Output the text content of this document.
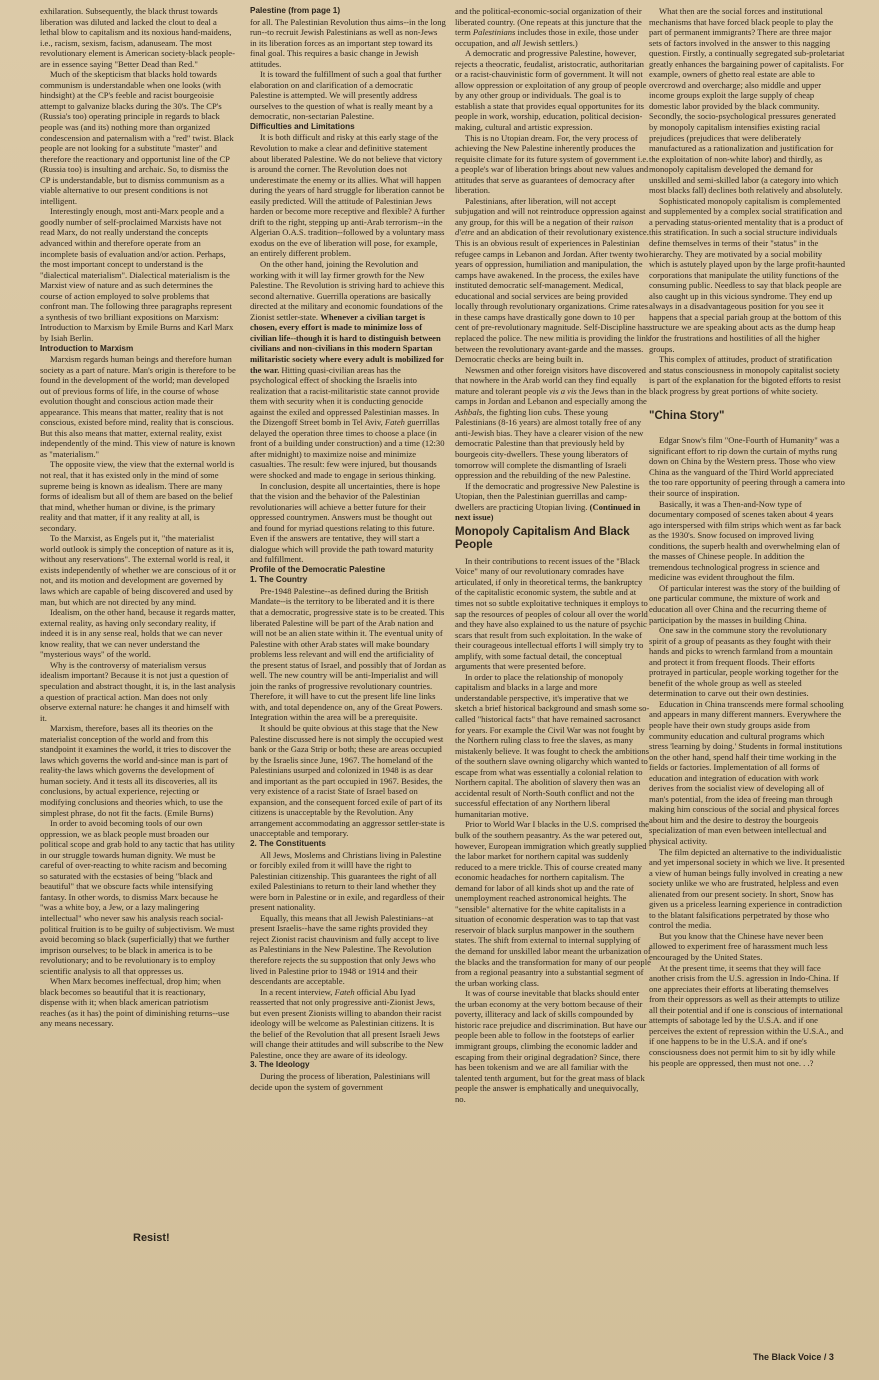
exhilaration. Subsequently, the black thrust towards liberation was diluted and lacked the clout to deal a lethal blow to capitalism and its noxious hand-maidens, i.e., racism, sexism, facism, adanuseam. The most revolutionary element is American society-black people-are in essence saying "Better Dead than Red."

Much of the skepticism that blacks hold towards communism is understandable when one looks (with hindsight) at the CP's feeble and racist bourgeoisie attempt to galvanize blacks during the 30's. The CP's (Russia's too) operating principle in regards to black people was (and its) nothing more than organized condescension and paternalism with a "red" twist. Black people are not looking for a substitute "master" and therefore the reactionary and opportunist line of the CP (Russia too) is insulting and archaic. So, to dismiss the CP is understandable, but to dismiss communism as a viable alternative to our present conditions is not intelligent.

Interestingly enough, most anti-Marx people and a goodly number of self-proclaimed Marxists have not read Marx, do not really understand the concepts advanced within and therefore operate from an incomplete basis of evaluation and/or action. Perhaps, the most important concept to understand is the "dialectical materialism". Dialectical materialism is the Marxist view of nature and as such determines the course of action employed to solve problems that confront man. The following three paragraphs represent a synthesis of two brilliant expositions on Marxism: Introduction to Marxism by Emile Burns and Karl Marx by Isiah Berlin.

Introduction to Marxism

Marxism regards human beings and therefore human society as a part of nature. Man's origin is therefore to be found in the development of the world; man developed out of previous forms of life, in the course of whose evolution thought and conscious action made their appearance. This means that matter, reality that is not conscious, existed before mind, reality that is conscious. But this also means that matter, external reality, exist independently of the mind. This view of nature is known as "materialism."

The opposite view, the view that the external world is not real, that it has existed only in the mind of some supreme being is known as idealism. There are many forms of idealism but all of them are based on the belief that mind, whether human or divine, is the primary reality and that matter, if it any reality at all, is secondary.

To the Marxist, as Engels put it, "the materialist world outlook is simply the conception of nature as it is, without any reservations". The external world is real, it exists independently of whether we are conscious of it or not, and its motion and development are governed by laws which are capable of being discovered and used by man, but which are not directed by any mind.

Idealism, on the other hand, because it regards matter, external reality, as having only secondary reality, if indeed it is in any sense real, holds that we can never know reality, that we can never understand the "mysterious ways" of the world.

Why is the controversy of materialism versus idealism important? Because it is not just a question of speculation and abstract thought, it is, in the last analysis a question of practical action. Man does not only observe external nature: he changes it and himself with it.

Marxism, therefore, bases all its theories on the materialist conception of the world and from this standpoint it examines the world, it tries to discover the laws which governs the world and-since man is part of reality-the laws which governs the development of human society. And it tests all its discoveries, all its conclusions, by actual experience, rejecting or modifying conclusions and theories which, to use the simplest phrase, do not fit the facts. (Emile Burns)

In order to avoid becoming tools of our own oppression, we as black people must broaden our political scope and grab hold to any tactic that has utility in our struggle towards human dignity. We must be careful of over-reacting to white racism and becoming so saturated with the ecstasies of being "black and beautiful" that we obscure facts while intensifying fantasy. In other words, to dismiss Marx because he "was a white boy, a Jew, or a lazy malingering intellectual" who never saw his analysis reach social-political fruition is to be guilty of subjectivism. We must avoid becoming so black (superficially) that we further imprison ourselves; to be black in america is to be revolutionary; and to be revolutionary is to employ scientific analysis to all that oppresses us.

When Marx becomes ineffectual, drop him; when black becomes so beautiful that it is reactionary, dispense with it; when black american patriotism reaches (as it has) the point of diminishing returns--use any means necessary.

Resist!
Palestine (from page 1)

for all. The Palestinian Revolution thus aims--in the long run--to recruit Jewish Palestinians as well as non-Jews in its liberation forces as an important step toward its final goal. This requires a basic change in Jewish attitudes.

It is toward the fulfillment of such a goal that further elaboration on and clarification of a democratic Palestine is attempted. We will presently address ourselves to the question of what is really meant by a democratic, non-sectarian Palestine.

Difficulties and Limitations

It is both difficult and risky at this early stage of the Revolution to make a clear and definitive statement about liberated Palestine. We do not believe that victory is around the corner. The Revolution does not underestimate the enemy or its allies. What will happen during the years of hard struggle for liberation cannot be easily predicted. Will the attitude of Palestinian Jews harden or become more receptive and flexible? A further drift to the right, stepping up anti-Arab terrorism--in the Algerian O.A.S. tradition--followed by a voluntary mass exodus on the eve of liberation will pose, for example, an entirely different problem.

On the other hand, joining the Revolution and working with it will lay firmer growth for the New Palestine. The Revolution is striving hard to achieve this second alternative. Guerrilla operations are basically directed at the military and economic foundations of the Zionist settler-state. Whenever a civilian target is chosen, every effort is made to minimize loss of civilian life--though it is hard to distinguish between civilians and non-civilians in this modern Spartan militaristic society where every adult is mobilized for the war. Hitting quasi-civilian areas has the psychological effect of shocking the Israelis into realization that a racist-militaristic state cannot provide them with security when it is conducting genocide against the exiled and oppressed Palestinian masses. In the Dizengoff Street bomb in Tel Aviv, Fateh guerrillas delayed the operation three times to choose a place (in front of a building under construction) and a time (12:30 after midnight) to maximize noise and minimize casualties. The result: few were injured, but thousands were shocked and made to engage in serious thinking.

In conclusion, despite all uncertainties, there is hope that the vision and the behavior of the Palestinian revolutionaries will achieve a better future for their oppressed countrymen. Answers must be thought out and found for myriad questions relating to this future. Even if the answers are tentative, they will start a dialogue which will provide the path toward maturity and fulfillment.

Profile of the Democratic Palestine
1. The Country

Pre-1948 Palestine--as defined during the British Mandate--is the territory to be liberated and it is there that a democratic, progressive state is to be created. This liberated Palestine will be part of the Arab nation and will not be an alien state within it. The eventual unity of Palestine with other Arab states will make boundary problems less relevant and will end the artificiality of the present status of Israel, and possibly that of Jordan as well. The new country will be anti-Imperialist and will join the ranks of progressive revolutionary countries. Therefore, it will have to cut the present life line links with, and total dependence on, any of the Great Powers. Integration within the area will be a prerequisite.

It should be quite obvious at this stage that the New Palestine discussed here is not simply the occupied west bank or the Gaza Strip or both; these are areas occupied by the Israelis since June, 1967. The homeland of the Palestinians usurped and colonized in 1948 is as dear and important as the part occupied in 1967. Besides, the very existence of a racist State of Israel based on expansion, and the consequent forced exile of part of its citizens is unacceptable by the Revolution. Any arrangement accommodating an aggressor settler-state is unacceptable and temporary.

2. The Constituents

All Jews, Moslems and Christians living in Palestine or forcibly exiled from it willl have the right to Palestinian citizenship. This guarantees the right of all exiled Palestinians to return to their land whether they were born in Palestine or in exile, and regardless of their present nationality.

Equally, this means that all Jewish Palestinians--at present Israelis--have the same rights provided they reject Zionist racist chauvinism and fully accept to live as Palestinians in the New Palestine. The Revolution therefore rejects the su suppostion that only Jews who lived in Palestine prior to 1948 or 1914 and their descendants are acceptable.

In a recent interview, Fateh official Abu Iyad reasserted that not only progressive anti-Zionist Jews, but even present Zionists willing to abandon their racist ideology will be welcome as Palestinian citizens. It is the belief of the Revolution that all present Israeli Jews will change their attitudes and will subscribe to the New Palestine, once they are aware of its ideology.

3. The Ideology

During the process of liberation, Palestinians will decide upon the system of government

and the political-economic-social organization of their liberated country. (One repeats at this juncture that the term Palestinians includes those in exile, those under occupation, and all Jewish settlers.)

A democratic and progressive Palestine, however, rejects a theocratic, feudalist, aristocratic, authoritarian or a racist-chauvinistic form of government. It will not allow oppression or exploitation of any group of people by any other group or individuals. The goal is to establish a state that provides equal opportunites for its people in work, worship, education, political decision-making, cultural and artistic expression.

This is no Utopian dream. For, the very process of achieving the New Palestine inherently produces the requisite climate for its future system of government i.e. a people's war of liberation brings about new values and attitudes that serve as guarantees of democracy after liberation.

Palestinians, after liberation, will not accept subjugation and will not reintroduce oppression against any group, for this will be a negation of their raison d'etre and an abdication of their revolutionary existence. This is an obvious result of experiences in Palestinian refugee camps in Lebanon and Jordan. After twenty two years of oppression, humiliation and manipulation, the camps have awakened. In the process, the exiles have instituted democratic self-management. Medical, educational and social services are being provided locally through revolutionary organizations. Crime rates in these camps have drastically gone down to 10 per cent of pre-revolutionary magnitude. Self-Discipline has replaced the police. The new militia is providing the link between the revolutionary avant-garde and the masses. Democratic checks are being built in.

Newsmen and other foreign visitors have discovered that nowhere in the Arab world can they find equally mature and tolerant people vis a vis the Jews than in the camps in Jordan and Lebanon and especially among the Ashbals, the fighting lion cubs. These young Palestinians (8-16 years) are almost totally free of any anti-Jewish bias. They have a clearer vision of the new democratic Palestine than that previously held by bourgeois city-dwellers. These young liberators of tomorrow will complete the dismantling of Israeli oppression and the rebuilding of the new Palestine.

If the democratic and progressive New Palestine is Utopian, then the Palestinian guerrillas and camp-dwellers are practicing Utopian living. (Continued in next issue)

Monopoly Capitalism And Black People

In their contributions to recent issues of the "Black Voice" many of our revolutionary comrades have articulated, if only in theoretical terms, the bankruptcy of the capitalistic economic system, the subtle and at times not so subtle exploitative techniques it employs to sap the resources of peoples of colour all over the world and they have also explained to us the nature of psychic scars that result from such exploitation. In the wake of their courageous intellectual efforts I will simply try to amplify, with some factual detail, the conceptual arguments that were presented before.

In order to place the relationship of monopoly capitalism and blacks in a large and more understandable perspective, it's imperative that we sketch a brief historical background and smash some so-called "historical facts" that have remained sacrosanct for years. For example the Civil War was not fought by the Northern ruling class to free the slaves, as many mistakenly believe. It was fought to check the ambitions of the southern slave owning oligarchy which wanted to escape from what was essentially a colonial relation to Northern capital. The abolition of slavery then was an accidental result of North-South conflict and not the successful effectation of any Northern liberal humanitarian motive.

Prior to World War I blacks in the U.S. comprised the bulk of the southern peasantry. As the war petered out, however, European immigration which greatly supplied the labor market for northern capital was suddenly reduced to a mere trickle. This of course created many economic headaches for northern capitalism. The demand for labor of all kinds shot up and the rate of unemployment reached astronomical heights. The "sensible" alternative for the white capitalists in a situation of economic desperation was to tap that vast reservoir of black surplus manpower in the southern states. The shift from external to internal supplying of the demand for unskilled labor meant the urbanization of the blacks and the transformation for many of our people from a regional peasantry into a substantial segment of the urban working class.

It was of course inevitable that blacks should enter the urban economy at the very bottom because of their poverty, illiteracy and lack of skills compounded by historic race prejudice and discrimination. But have our people been able to follow in the footsteps of earlier immigrant groups, climbing the economic ladder and escaping from their original degradation? Since, there has been tokenism and we are all familiar with the talented tenth argument, but for the great mass of black people the answer is emphatically and unequivocally, no.

What then are the social forces and institutional mechanisms that have forced black people to play the part of permanent immigrants? There are three major sets of factors involved in the answer to this nagging question. Firstly, a continually segregated sub-proletariat greatly enhances the bargaining power of capitalists. For example, owners of ghetto real estate are able to overcrowd and overcharge; also middle and upper income groups exploit the large supply of cheap domestic labor provided by the black community. Secondly, the socio-psychological pressures generated by monopoly capitalism intensifies existing racial prejudices (prejudices that were deliberately manufactured as a rationalization and justification for the exploitation of non-white labor) and thirdly, as monopoly capitalism developed the demand for unskilled and semi-skilled labor (a category into which most blacks fall) declines both relatively and absolutely.

Sophisticated monopoly capitalism is complemented and supplemented by a complex social stratification and a pervading status-oriented mentality that is a product of this stratification. In such a social structure individuals define themselves in terms of their "status" in the hierarchy. They are motivated by a social mobility which is astutely played upon by the large profit-haunted corporations that manipulate the utility functions of the consuming public. Needless to say that black people are also caught up in this vicious syndrome. They end up always in a disadvantageous position for you see it happens that a special pariah group at the bottom of this structure we are speaking about acts as the dump heap for the frustrations and hostilities of all the higher groups.

This complex of attitudes, product of stratification and status consciousness in monopoly capitalist society is part of the explanation for the bigoted efforts to resist black progress by great portions of white society.

"China Story"

Edgar Snow's film "One-Fourth of Humanity" was a significant effort to rip down the curtain of myths rung down on China by the Western press. Those who view China as the vanguard of the Third World appreciated the too rare opportunity of peering through a camera into their source of inspiration.

Basically, it was a Then-and-Now type of documentary composed of scenes taken about 4 years ago interspersed with film strips which went as far back as the 1930's. Snow focused on improved living conditions, the superb health and overwhelming elan of the masses of Chinese people. In addition the tremendous technological progress in science and medicine was evident throughout the film.

Of particular interest was the story of the building of one particular commune, the mixture of work and education all over China and the recurring theme of participation by the masses in building China.

One saw in the commune story the revolutionary spirit of a group of peasants as they fought with their hands and picks to wrench farmland from a mountain and protect it from frequent floods. Their efforts protrayed in particular, people working together for the benefit of the whole group as well as steeled determination to carve out their own destinies.

Education in China transcends mere formal schooling and appears in many different manners. Everywhere the people have their own study groups aside from community education and cultural programs which stress 'learning by doing.' Students in formal institutions on the other hand, spend half their time working in the fields or factories. Implementation of all forms of education and integration of education with work derives from the socialist view of developing all of man's potential, from the idea of freeing man through making him conscious of the social and physical forces about him and the desire to destroy the bourgeois specialization of man even between intellectual and physical activity.

The film depicted an alternative to the individualistic and yet impersonal society in which we live. It presented a view of human beings fully involved in creating a new society unlike we who are frustrated, helpless and even alienated from our present society. In short, Snow has given us a priceless learning experience in contradiction to the blatant falsifications perpetrated by those who control the media.

But you know that the Chinese have never been allowed to experiment free of harassment much less encouraged by the United States.

At the present time, it seems that they will face another crisis from the U.S. agression in Indo-China. If one appreciates their efforts at liberating themselves from their oppressors as well as their attempts to utilize all their potential and if one is conscious of international attempts of sabotage led by the U.S.A. and if one perceives the extent of repression within the U.S.A., and if one happens to be in the U.S.A. and if one's consciousness does not permit him to sit by idly while his people are oppressed, then must not one. . .?

The Black Voice / 3
